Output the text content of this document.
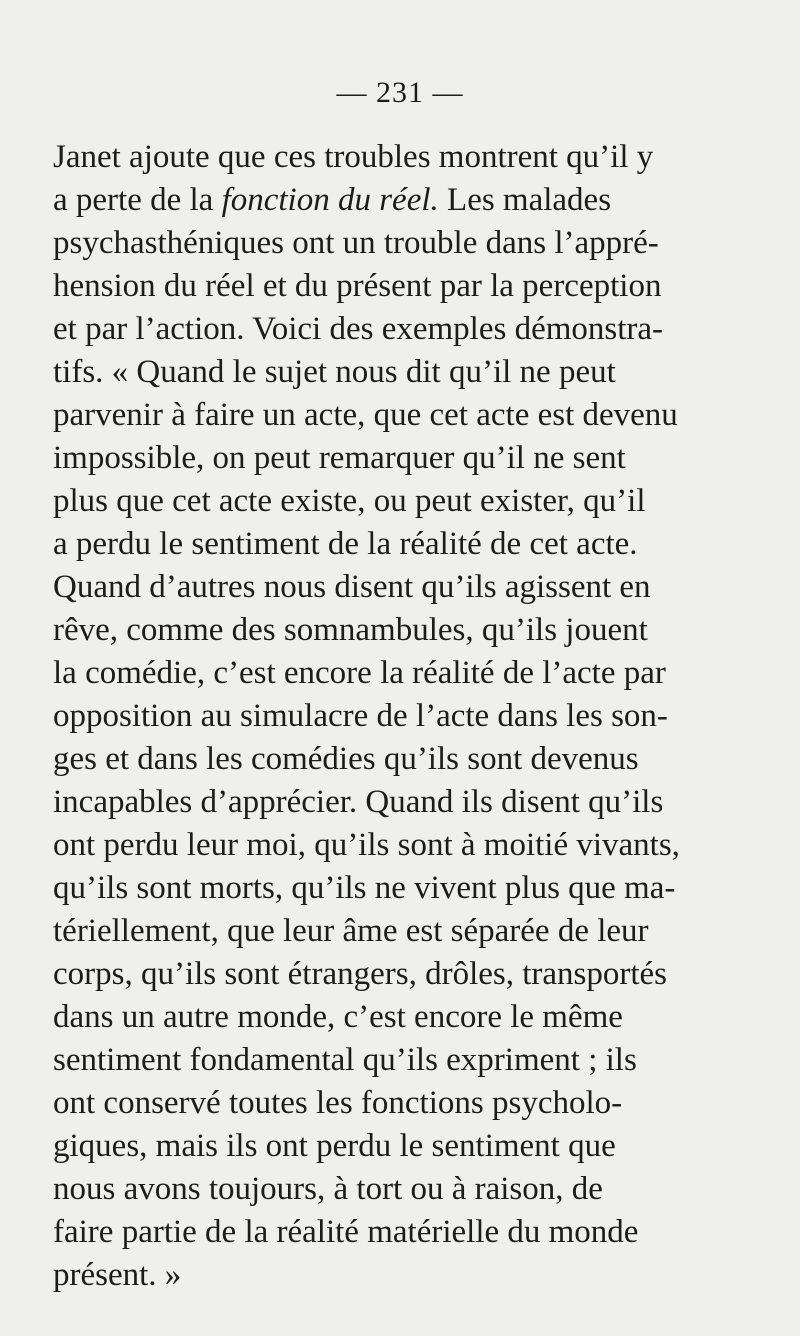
— 231 —
Janet ajoute que ces troubles montrent qu’il y
a perte de la fonction du réel. Les malades
psychasthéniques ont un trouble dans l’appré-
hension du réel et du présent par la perception
et par l’action. Voici des exemples démonstra-
tifs. « Quand le sujet nous dit qu’il ne peut
parvenir à faire un acte, que cet acte est devenu
impossible, on peut remarquer qu’il ne sent
plus que cet acte existe, ou peut exister, qu’il
a perdu le sentiment de la réalité de cet acte.
Quand d’autres nous disent qu’ils agissent en
rêve, comme des somnambules, qu’ils jouent
la comédie, c’est encore la réalité de l’acte par
opposition au simulacre de l’acte dans les son-
ges et dans les comédies qu’ils sont devenus
incapables d’apprécier. Quand ils disent qu’ils
ont perdu leur moi, qu’ils sont à moitié vivants,
qu’ils sont morts, qu’ils ne vivent plus que ma-
tériellement, que leur âme est séparée de leur
corps, qu’ils sont étrangers, drôles, transportés
dans un autre monde, c’est encore le même
sentiment fondamental qu’ils expriment ; ils
ont conservé toutes les fonctions psycholo-
giques, mais ils ont perdu le sentiment que
nous avons toujours, à tort ou à raison, de
faire partie de la réalité matérielle du monde
présent. »
